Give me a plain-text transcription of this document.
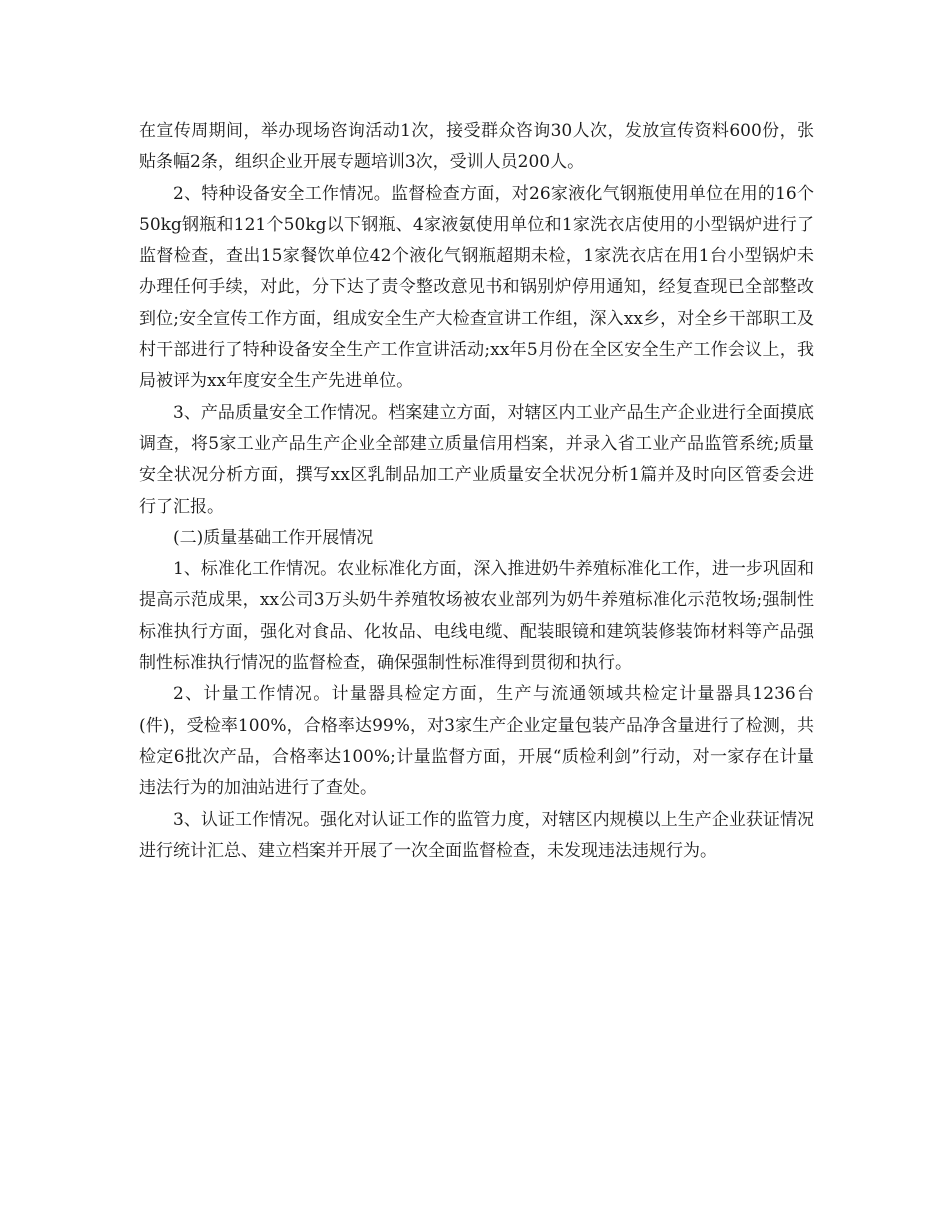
在宣传周期间，举办现场咨询活动1次，接受群众咨询30人次，发放宣传资料600份，张贴条幅2条，组织企业开展专题培训3次，受训人员200人。

2、特种设备安全工作情况。监督检查方面，对26家液化气钢瓶使用单位在用的16个50kg钢瓶和121个50kg以下钢瓶、4家液氨使用单位和1家洗衣店使用的小型锅炉进行了监督检查，查出15家餐饮单位42个液化气钢瓶超期未检，1家洗衣店在用1台小型锅炉未办理任何手续，对此，分下达了责令整改意见书和锅别炉停用通知，经复查现已全部整改到位;安全宣传工作方面，组成安全生产大检查宣讲工作组，深入xx乡，对全乡干部职工及村干部进行了特种设备安全生产工作宣讲活动;xx年5月份在全区安全生产工作会议上，我局被评为xx年度安全生产先进单位。

3、产品质量安全工作情况。档案建立方面，对辖区内工业产品生产企业进行全面摸底调查，将5家工业产品生产企业全部建立质量信用档案，并录入省工业产品监管系统;质量安全状况分析方面，撰写xx区乳制品加工产业质量安全状况分析1篇并及时向区管委会进行了汇报。

(二)质量基础工作开展情况

1、标准化工作情况。农业标准化方面，深入推进奶牛养殖标准化工作，进一步巩固和提高示范成果，xx公司3万头奶牛养殖牧场被农业部列为奶牛养殖标准化示范牧场;强制性标准执行方面，强化对食品、化妆品、电线电缆、配装眼镜和建筑装修装饰材料等产品强制性标准执行情况的监督检查，确保强制性标准得到贯彻和执行。

2、计量工作情况。计量器具检定方面，生产与流通领域共检定计量器具1236台(件)，受检率100%，合格率达99%，对3家生产企业定量包装产品净含量进行了检测，共检定6批次产品，合格率达100%;计量监督方面，开展“质检利剑”行动，对一家存在计量违法行为的加油站进行了查处。

3、认证工作情况。强化对认证工作的监管力度，对辖区内规模以上生产企业获证情况进行统计汇总、建立档案并开展了一次全面监督检查，未发现违法违规行为。
